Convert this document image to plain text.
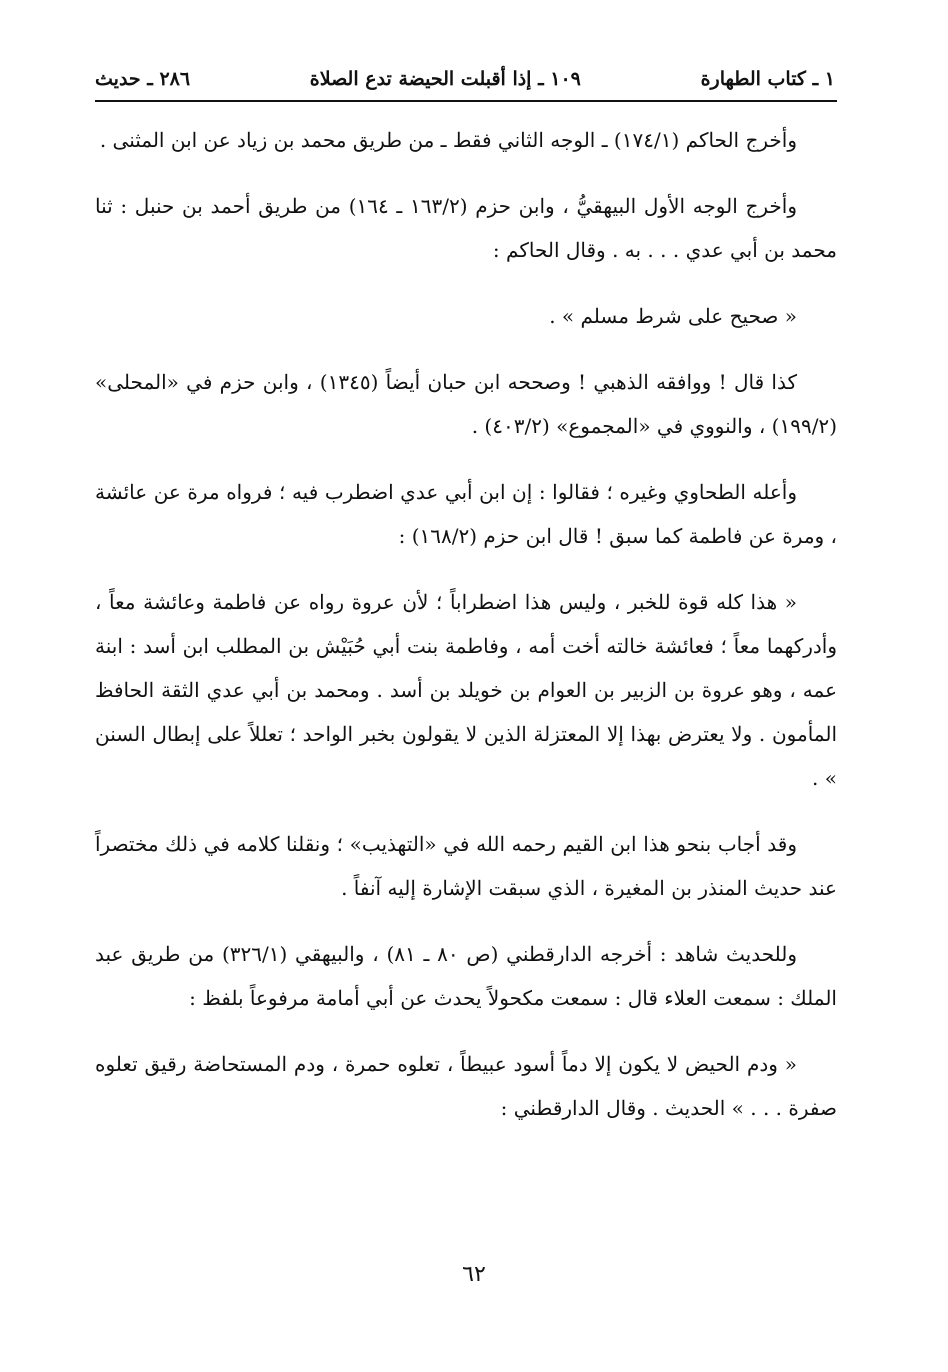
١ ـ كتاب الطهارة
١٠٩ ـ إذا أقبلت الحيضة تدع الصلاة
٢٨٦ ـ حديث

وأخرج الحاكم (١٧٤/١) ـ الوجه الثاني فقط ـ من طريق محمد بن زياد عن ابن المثنى .

وأخرج الوجه الأول البيهقيُّ ، وابن حزم (١٦٣/٢ ـ ١٦٤) من طريق أحمد بن حنبل : ثنا محمد بن أبي عدي . . . به . وقال الحاكم :

« صحيح على شرط مسلم » .

كذا قال ! ووافقه الذهبي ! وصححه ابن حبان أيضاً (١٣٤٥) ، وابن حزم في «المحلى» (١٩٩/٢) ، والنووي في «المجموع» (٤٠٣/٢) .

وأعله الطحاوي وغيره ؛ فقالوا : إن ابن أبي عدي اضطرب فيه ؛ فرواه مرة عن عائشة ، ومرة عن فاطمة كما سبق ! قال ابن حزم (١٦٨/٢) :

« هذا كله قوة للخبر ، وليس هذا اضطراباً ؛ لأن عروة رواه عن فاطمة وعائشة معاً ، وأدركهما معاً ؛ فعائشة خالته أخت أمه ، وفاطمة بنت أبي حُبَيْش بن المطلب ابن أسد : ابنة عمه ، وهو عروة بن الزبير بن العوام بن خويلد بن أسد . ومحمد بن أبي عدي الثقة الحافظ المأمون . ولا يعترض بهذا إلا المعتزلة الذين لا يقولون بخبر الواحد ؛ تعللاً على إبطال السنن » .

وقد أجاب بنحو هذا ابن القيم رحمه الله في «التهذيب» ؛ ونقلنا كلامه في ذلك مختصراً عند حديث المنذر بن المغيرة ، الذي سبقت الإشارة إليه آنفاً .

وللحديث شاهد : أخرجه الدارقطني (ص ٨٠ ـ ٨١) ، والبيهقي (٣٢٦/١) من طريق عبد الملك : سمعت العلاء قال : سمعت مكحولاً يحدث عن أبي أمامة مرفوعاً بلفظ :

« ودم الحيض لا يكون إلا دماً أسود عبيطاً ، تعلوه حمرة ، ودم المستحاضة رقيق تعلوه صفرة . . . » الحديث . وقال الدارقطني :

٦٢
